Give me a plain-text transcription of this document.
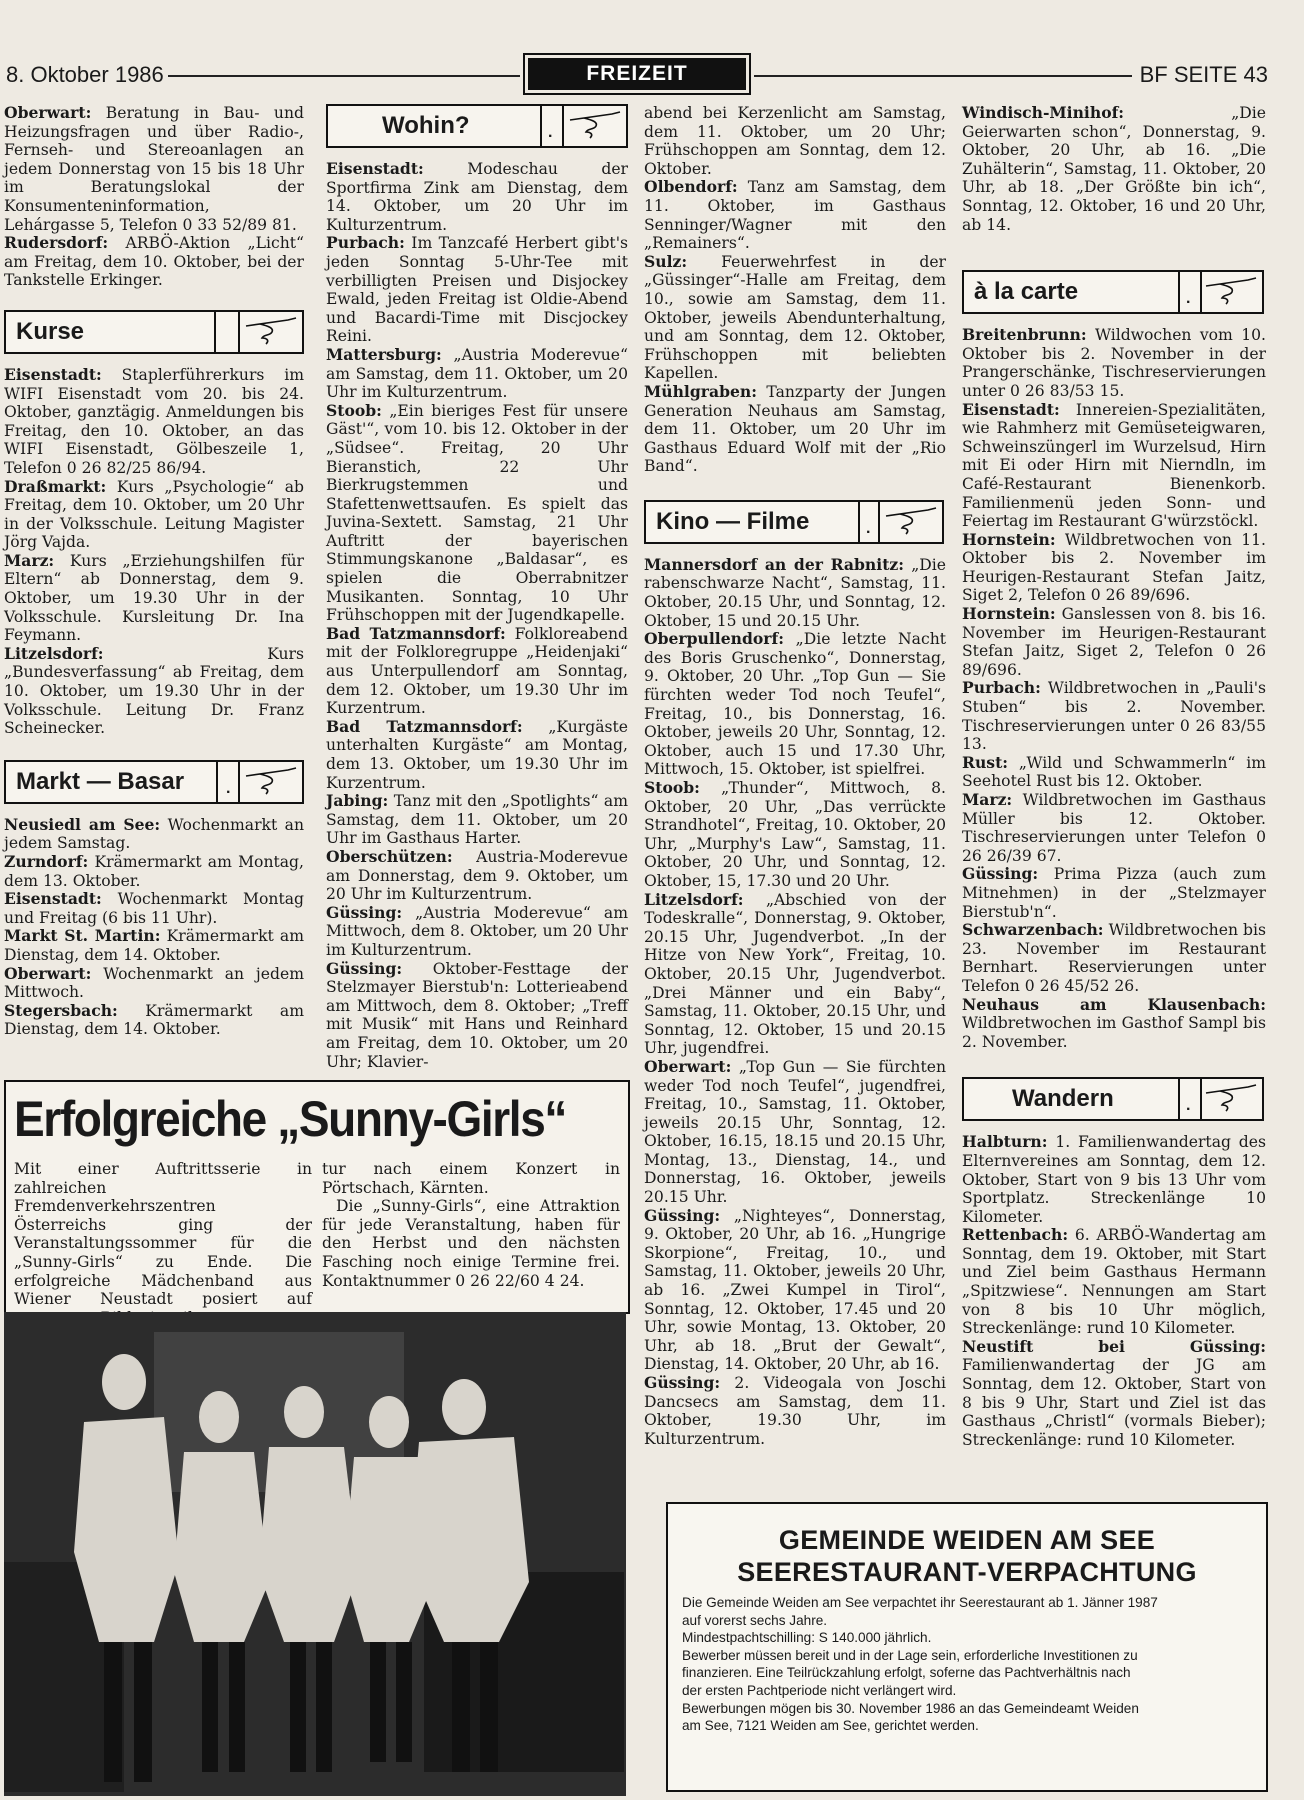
8. Oktober 1986	FREIZEIT	BF SEITE 43

Oberwart: Beratung in Bau- und Heizungsfragen und über Radio-, Fernseh- und Stereoanlagen an jedem Donnerstag von 15 bis 18 Uhr im Beratungslokal der Konsumenteninformation, Lehárgasse 5, Telefon 0 33 52/89 81.

Rudersdorf: ARBÖ-Aktion „Licht“ am Freitag, dem 10. Oktober, bei der Tankstelle Erkinger.

Kurse

Eisenstadt: Staplerführerkurs im WIFI Eisenstadt vom 20. bis 24. Oktober, ganztägig. Anmeldungen bis Freitag, den 10. Oktober, an das WIFI Eisenstadt, Gölbeszeile 1, Telefon 0 26 82/25 86/94.

Draßmarkt: Kurs „Psychologie“ ab Freitag, dem 10. Oktober, um 20 Uhr in der Volksschule. Leitung Magister Jörg Vajda.

Marz: Kurs „Erziehungshilfen für Eltern“ ab Donnerstag, dem 9. Oktober, um 19.30 Uhr in der Volksschule. Kursleitung Dr. Ina Feymann.

Litzelsdorf: Kurs „Bundesverfassung“ ab Freitag, dem 10. Oktober, um 19.30 Uhr in der Volksschule. Leitung Dr. Franz Scheinecker.

Markt — Basar	.

Neusiedl am See: Wochenmarkt an jedem Samstag.

Zurndorf: Krämermarkt am Montag, dem 13. Oktober.

Eisenstadt: Wochenmarkt Montag und Freitag (6 bis 11 Uhr).

Markt St. Martin: Krämermarkt am Dienstag, dem 14. Oktober.

Oberwart: Wochenmarkt an jedem Mittwoch.

Stegersbach: Krämermarkt am Dienstag, dem 14. Oktober.

Wohin?	.

Eisenstadt: Modeschau der Sportfirma Zink am Dienstag, dem 14. Oktober, um 20 Uhr im Kulturzentrum.

Purbach: Im Tanzcafé Herbert gibt's jeden Sonntag 5-Uhr-Tee mit verbilligten Preisen und Disjockey Ewald, jeden Freitag ist Oldie-Abend und Bacardi-Time mit Discjockey Reini.

Mattersburg: „Austria Moderevue“ am Samstag, dem 11. Oktober, um 20 Uhr im Kulturzentrum.

Stoob: „Ein bieriges Fest für unsere Gäst'“, vom 10. bis 12. Oktober in der „Südsee“. Freitag, 20 Uhr Bieranstich, 22 Uhr Bierkrugstemmen und Stafettenwettsaufen. Es spielt das Juvina-Sextett. Samstag, 21 Uhr Auftritt der bayerischen Stimmungskanone „Baldasar“, es spielen die Oberrabnitzer Musikanten. Sonntag, 10 Uhr Frühschoppen mit der Jugendkapelle.

Bad Tatzmannsdorf: Folkloreabend mit der Folkloregruppe „Heidenjaki“ aus Unterpullendorf am Sonntag, dem 12. Oktober, um 19.30 Uhr im Kurzentrum.

Bad Tatzmannsdorf: „Kurgäste unterhalten Kurgäste“ am Montag, dem 13. Oktober, um 19.30 Uhr im Kurzentrum.

Jabing: Tanz mit den „Spotlights“ am Samstag, dem 11. Oktober, um 20 Uhr im Gasthaus Harter.

Oberschützen: Austria-Moderevue am Donnerstag, dem 9. Oktober, um 20 Uhr im Kulturzentrum.

Güssing: „Austria Moderevue“ am Mittwoch, dem 8. Oktober, um 20 Uhr im Kulturzentrum.

Güssing: Oktober-Festtage der Stelzmayer Bierstub'n: Lotterieabend am Mittwoch, dem 8. Oktober; „Treff mit Musik“ mit Hans und Reinhard am Freitag, dem 10. Oktober, um 20 Uhr; Klavier-

abend bei Kerzenlicht am Samstag, dem 11. Oktober, um 20 Uhr; Frühschoppen am Sonntag, dem 12. Oktober.

Olbendorf: Tanz am Samstag, dem 11. Oktober, im Gasthaus Senninger/Wagner mit den „Remainers“.

Sulz: Feuerwehrfest in der „Güssinger“-Halle am Freitag, dem 10., sowie am Samstag, dem 11. Oktober, jeweils Abendunterhaltung, und am Sonntag, dem 12. Oktober, Frühschoppen mit beliebten Kapellen.

Mühlgraben: Tanzparty der Jungen Generation Neuhaus am Samstag, dem 11. Oktober, um 20 Uhr im Gasthaus Eduard Wolf mit der „Rio Band“.

Kino — Filme	.

Mannersdorf an der Rabnitz: „Die rabenschwarze Nacht“, Samstag, 11. Oktober, 20.15 Uhr, und Sonntag, 12. Oktober, 15 und 20.15 Uhr.

Oberpullendorf: „Die letzte Nacht des Boris Gruschenko“, Donnerstag, 9. Oktober, 20 Uhr. „Top Gun — Sie fürchten weder Tod noch Teufel“, Freitag, 10., bis Donnerstag, 16. Oktober, jeweils 20 Uhr, Sonntag, 12. Oktober, auch 15 und 17.30 Uhr, Mittwoch, 15. Oktober, ist spielfrei.

Stoob: „Thunder“, Mittwoch, 8. Oktober, 20 Uhr, „Das verrückte Strandhotel“, Freitag, 10. Oktober, 20 Uhr, „Murphy's Law“, Samstag, 11. Oktober, 20 Uhr, und Sonntag, 12. Oktober, 15, 17.30 und 20 Uhr.

Litzelsdorf: „Abschied von der Todeskralle“, Donnerstag, 9. Oktober, 20.15 Uhr, Jugendverbot. „In der Hitze von New York“, Freitag, 10. Oktober, 20.15 Uhr, Jugendverbot. „Drei Männer und ein Baby“, Samstag, 11. Oktober, 20.15 Uhr, und Sonntag, 12. Oktober, 15 und 20.15 Uhr, jugendfrei.

Oberwart: „Top Gun — Sie fürchten weder Tod noch Teufel“, jugendfrei, Freitag, 10., Samstag, 11. Oktober, jeweils 20.15 Uhr, Sonntag, 12. Oktober, 16.15, 18.15 und 20.15 Uhr, Montag, 13., Dienstag, 14., und Donnerstag, 16. Oktober, jeweils 20.15 Uhr.

Güssing: „Nighteyes“, Donnerstag, 9. Oktober, 20 Uhr, ab 16. „Hungrige Skorpione“, Freitag, 10., und Samstag, 11. Oktober, jeweils 20 Uhr, ab 16. „Zwei Kumpel in Tirol“, Sonntag, 12. Oktober, 17.45 und 20 Uhr, sowie Montag, 13. Oktober, 20 Uhr, ab 18. „Brut der Gewalt“, Dienstag, 14. Oktober, 20 Uhr, ab 16.

Güssing: 2. Videogala von Joschi Dancsecs am Samstag, dem 11. Oktober, 19.30 Uhr, im Kulturzentrum.

Windisch-Minihof: „Die Geierwarten schon“, Donnerstag, 9. Oktober, 20 Uhr, ab 16. „Die Zuhälterin“, Samstag, 11. Oktober, 20 Uhr, ab 18. „Der Größte bin ich“, Sonntag, 12. Oktober, 16 und 20 Uhr, ab 14.

à la carte	.

Breitenbrunn: Wildwochen vom 10. Oktober bis 2. November in der Prangerschänke, Tischreservierungen unter 0 26 83/53 15.

Eisenstadt: Innereien-Spezialitäten, wie Rahmherz mit Gemüseteigwaren, Schweinszüngerl im Wurzelsud, Hirn mit Ei oder Hirn mit Nierndln, im Café-Restaurant Bienenkorb. Familienmenü jeden Sonn- und Feiertag im Restaurant G'würzstöckl.

Hornstein: Wildbretwochen von 11. Oktober bis 2. November im Heurigen-Restaurant Stefan Jaitz, Siget 2, Telefon 0 26 89/696.

Hornstein: Ganslessen von 8. bis 16. November im Heurigen-Restaurant Stefan Jaitz, Siget 2, Telefon 0 26 89/696.

Purbach: Wildbretwochen in „Pauli's Stuben“ bis 2. November. Tischreservierungen unter 0 26 83/55 13.

Rust: „Wild und Schwammerln“ im Seehotel Rust bis 12. Oktober.

Marz: Wildbretwochen im Gasthaus Müller bis 12. Oktober. Tischreservierungen unter Telefon 0 26 26/39 67.

Güssing: Prima Pizza (auch zum Mitnehmen) in der „Stelzmayer Bierstub'n“.

Schwarzenbach: Wildbretwochen bis 23. November im Restaurant Bernhart. Reservierungen unter Telefon 0 26 45/52 26.

Neuhaus am Klausenbach: Wildbretwochen im Gasthof Sampl bis 2. November.

Wandern	.

Halbturn: 1. Familienwandertag des Elternvereines am Sonntag, dem 12. Oktober, Start von 9 bis 13 Uhr vom Sportplatz. Streckenlänge 10 Kilometer.

Rettenbach: 6. ARBÖ-Wandertag am Sonntag, dem 19. Oktober, mit Start und Ziel beim Gasthaus Hermann „Spitzwiese“. Nennungen am Start von 8 bis 10 Uhr möglich, Streckenlänge: rund 10 Kilometer.

Neustift bei Güssing: Familienwandertag der JG am Sonntag, dem 12. Oktober, Start von 8 bis 9 Uhr, Start und Ziel ist das Gasthaus „Christl“ (vormals Bieber); Streckenlänge: rund 10 Kilometer.

Erfolgreiche „Sunny-Girls“
Mit einer Auftrittsserie in zahlreichen Fremdenverkehrszentren Österreichs ging der Veranstaltungssommer für die „Sunny-Girls“ zu Ende. Die erfolgreiche Mädchenband aus Wiener Neustadt posiert auf

tur nach einem Konzert in Pörtschach, Kärnten.

Die „Sunny-Girls“, eine Attraktion für jede Veranstaltung, haben für den Herbst und den nächsten Fasching noch einige Termine frei. Kontaktnummer 0 26 22/60 4 24.

GEMEINDE WEIDEN AM SEE
SEERESTAURANT-VERPACHTUNG

Die Gemeinde Weiden am See verpachtet ihr Seerestaurant ab 1. Jänner 1987

auf vorerst sechs Jahre.

Mindestpachtschilling: S 140.000 jährlich.

Bewerber müssen bereit und in der Lage sein, erforderliche Investitionen zu

finanzieren. Eine Teilrückzahlung erfolgt, soferne das Pachtverhältnis nach

der ersten Pachtperiode nicht verlängert wird.

Bewerbungen mögen bis 30. November 1986 an das Gemeindeamt Weiden

am See, 7121 Weiden am See, gerichtet werden.
